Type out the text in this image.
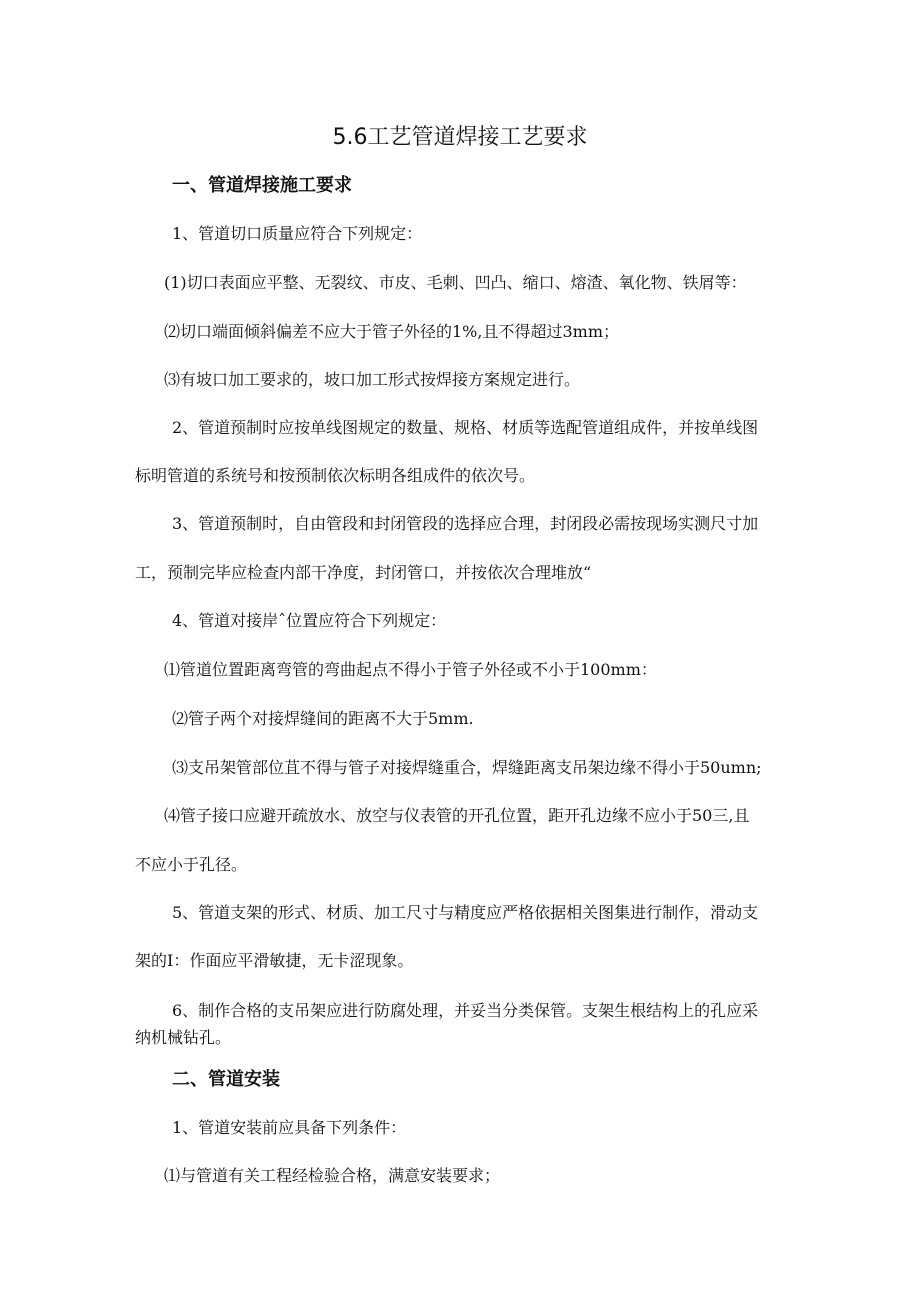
5.6工艺管道焊接工艺要求
一、管道焊接施工要求
1、管道切口质量应符合下列规定：
(1)切口表面应平整、无裂纹、市皮、毛刺、凹凸、缩口、熔渣、氧化物、铁屑等：
⑵切口端面倾斜偏差不应大于管子外径的1%,且不得超过3mm；
⑶有坡口加工要求的，坡口加工形式按焊接方案规定进行。
2、管道预制时应按单线图规定的数量、规格、材质等选配管道组成件，并按单线图
标明管道的系统号和按预制依次标明各组成件的依次号。
3、管道预制时，自由管段和封闭管段的选择应合理，封闭段必需按现场实测尺寸加
工，预制完毕应检查内部干净度，封闭管口，并按依次合理堆放“
4、管道对接岸ˆ位置应符合下列规定：
⑴管道位置距离弯管的弯曲起点不得小于管子外径或不小于100mm：
⑵管子两个对接焊缝间的距离不大于5mm.
⑶支吊架管部位苴不得与管子对接焊缝重合，焊缝距离支吊架边缘不得小于50umn;
⑷管子接口应避开疏放水、放空与仪表管的开孔位置，距开孔边缘不应小于50三,且
不应小于孔径。
5、管道支架的形式、材质、加工尺寸与精度应严格依据相关图集进行制作，滑动支
架的I：作面应平滑敏捷，无卡涩现象。
6、制作合格的支吊架应进行防腐处理，并妥当分类保管。支架生根结构上的孔应采
纳机械钻孔。
二、管道安装
1、管道安装前应具备下列条件：
⑴与管道有关工程经检验合格，满意安装要求；
